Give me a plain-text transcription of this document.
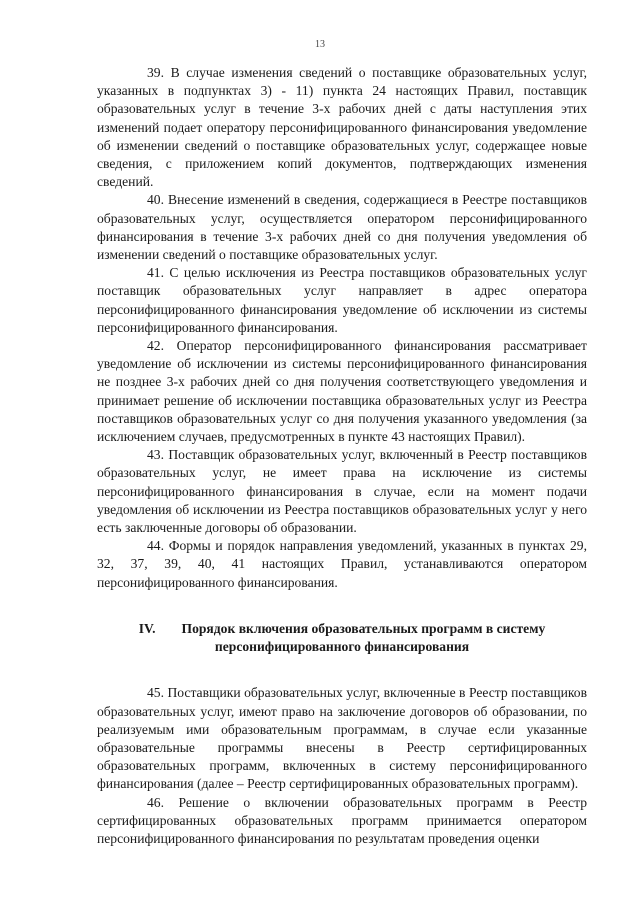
13

39. В случае изменения сведений о поставщике образовательных услуг, указанных в подпунктах 3) - 11) пункта 24 настоящих Правил, поставщик образовательных услуг в течение 3-х рабочих дней с даты наступления этих изменений подает оператору персонифицированного финансирования уведомление об изменении сведений о поставщике образовательных услуг, содержащее новые сведения, с приложением копий документов, подтверждающих изменения сведений.

40. Внесение изменений в сведения, содержащиеся в Реестре поставщиков образовательных услуг, осуществляется оператором персонифицированного финансирования в течение 3-х рабочих дней со дня получения уведомления об изменении сведений о поставщике образовательных услуг.

41. С целью исключения из Реестра поставщиков образовательных услуг поставщик образовательных услуг направляет в адрес оператора персонифицированного финансирования уведомление об исключении из системы персонифицированного финансирования.

42. Оператор персонифицированного финансирования рассматривает уведомление об исключении из системы персонифицированного финансирования не позднее 3-х рабочих дней со дня получения соответствующего уведомления и принимает решение об исключении поставщика образовательных услуг из Реестра поставщиков образовательных услуг со дня получения указанного уведомления (за исключением случаев, предусмотренных в пункте 43 настоящих Правил).

43. Поставщик образовательных услуг, включенный в Реестр поставщиков образовательных услуг, не имеет права на исключение из системы персонифицированного финансирования в случае, если на момент подачи уведомления об исключении из Реестра поставщиков образовательных услуг у него есть заключенные договоры об образовании.

44. Формы и порядок направления уведомлений, указанных в пунктах 29, 32, 37, 39, 40, 41 настоящих Правил, устанавливаются оператором персонифицированного финансирования.

IV. Порядок включения образовательных программ в систему
персонифицированного финансирования

45. Поставщики образовательных услуг, включенные в Реестр поставщиков образовательных услуг, имеют право на заключение договоров об образовании, по реализуемым ими образовательным программам, в случае если указанные образовательные программы внесены в Реестр сертифицированных образовательных программ, включенных в систему персонифицированного финансирования (далее – Реестр сертифицированных образовательных программ).

46. Решение о включении образовательных программ в Реестр сертифицированных образовательных программ принимается оператором персонифицированного финансирования по результатам проведения оценки
